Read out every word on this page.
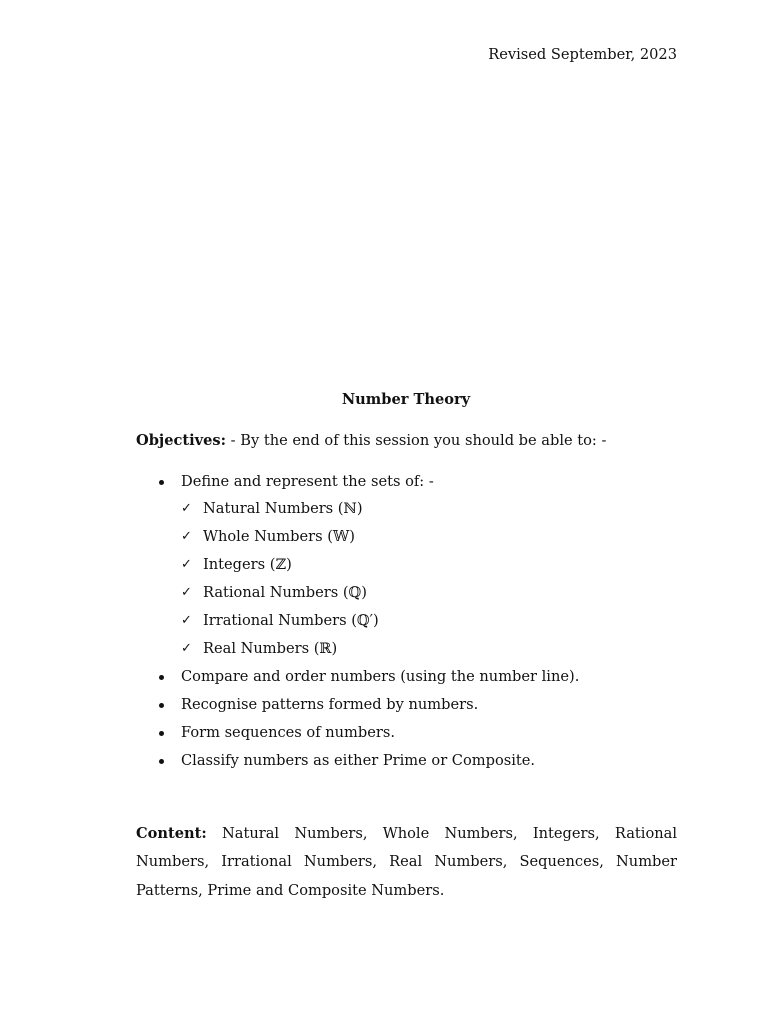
Revised September, 2023
Number Theory
Objectives: - By the end of this session you should be able to: -
Define and represent the sets of: -
✓ Natural Numbers (ℕ)
✓ Whole Numbers (𝕎)
✓ Integers (ℤ)
✓ Rational Numbers (ℚ)
✓ Irrational Numbers (ℚ′)
✓ Real Numbers (ℝ)
Compare and order numbers (using the number line).
Recognise patterns formed by numbers.
Form sequences of numbers.
Classify numbers as either Prime or Composite.
Content: Natural Numbers, Whole Numbers, Integers, Rational Numbers, Irrational Numbers, Real Numbers, Sequences, Number Patterns, Prime and Composite Numbers.
